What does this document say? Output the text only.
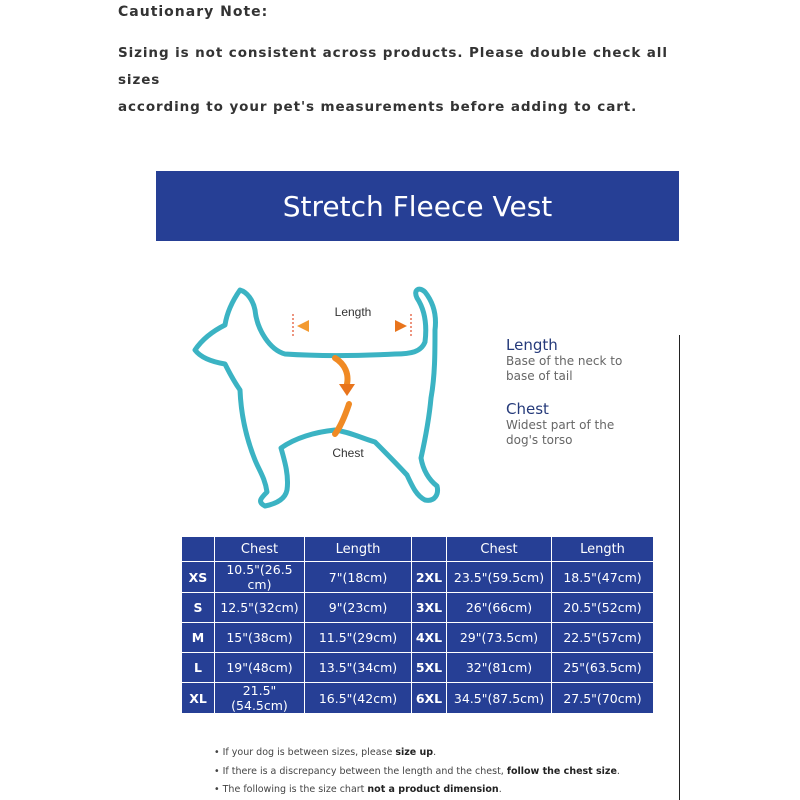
Cautionary Note:
Sizing is not consistent across products. Please double check all sizes
according to your pet's measurements before adding to cart.
Stretch Fleece Vest
Length
Chest
Length
Base of the neck to
base of tail
Chest
Widest part of the
dog's torso
	Chest	Length		Chest	Length
XS	10.5"(26.5 cm)	7"(18cm)	2XL	23.5"(59.5cm)	18.5"(47cm)
S	12.5"(32cm)	9"(23cm)	3XL	26"(66cm)	20.5"(52cm)
M	15"(38cm)	11.5"(29cm)	4XL	29"(73.5cm)	22.5"(57cm)
L	19"(48cm)	13.5"(34cm)	5XL	32"(81cm)	25"(63.5cm)
XL	21.5"(54.5cm)	16.5"(42cm)	6XL	34.5"(87.5cm)	27.5"(70cm)
• If your dog is between sizes, please size up.
• If there is a discrepancy between the length and the chest, follow the chest size.
• The following is the size chart not a product dimension.
